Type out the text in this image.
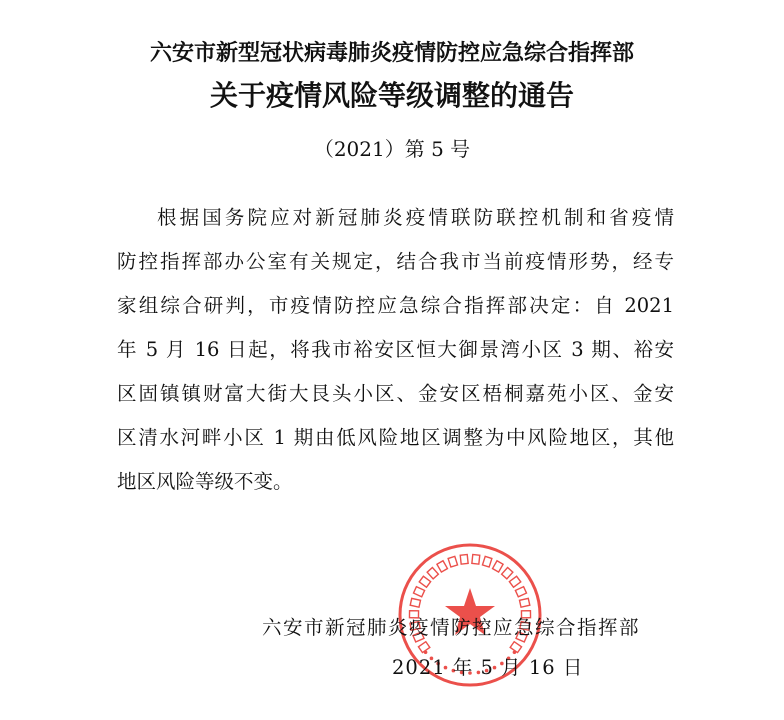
六安市新型冠状病毒肺炎疫情防控应急综合指挥部
关于疫情风险等级调整的通告
（2021）第 5 号
根据国务院应对新冠肺炎疫情联防联控机制和省疫情
防控指挥部办公室有关规定，结合我市当前疫情形势，经专
家组综合研判，市疫情防控应急综合指挥部决定：自 2021
年 5 月 16 日起，将我市裕安区恒大御景湾小区 3 期、裕安
区固镇镇财富大街大艮头小区、金安区梧桐嘉苑小区、金安
区清水河畔小区 1 期由低风险地区调整为中风险地区，其他
地区风险等级不变。
六安市新冠肺炎疫情防控应急综合指挥部
2021 年 5 月 16 日
